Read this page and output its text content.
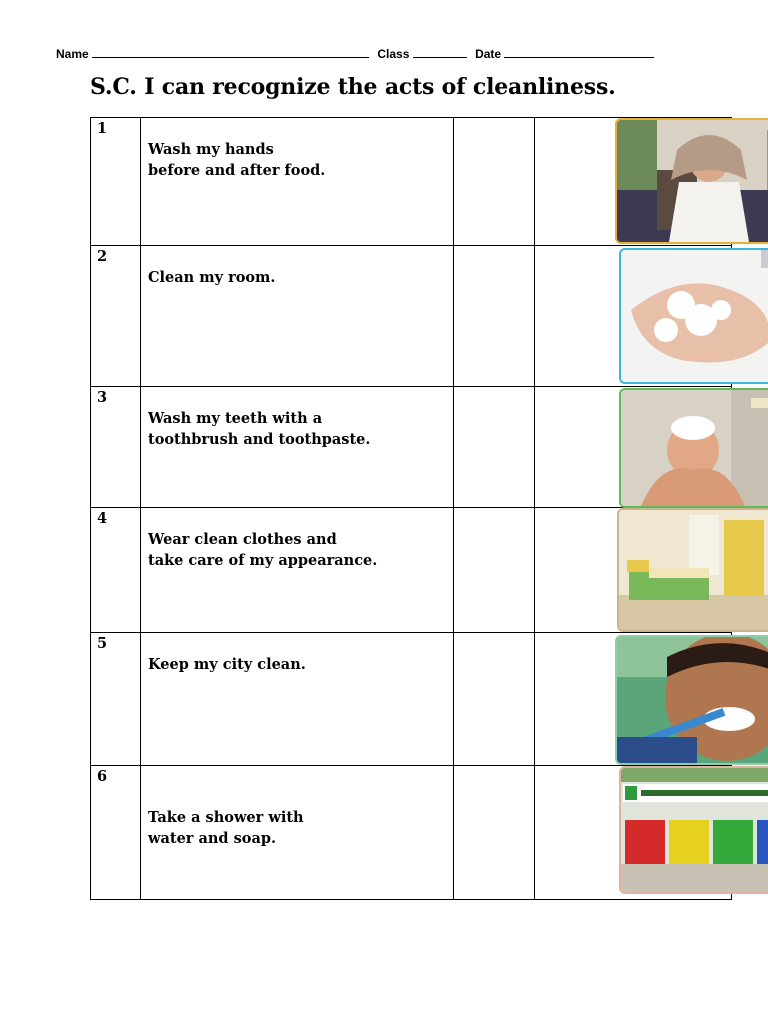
Name	Class	Date
S.C. I can recognize the acts of cleanliness.
1	Wash my hands
before and after food.

2	Clean my room.

3	Wash my teeth with a
toothbrush and toothpaste.

4	Wear clean clothes and
take care of my appearance.

5	Keep my city clean.

6	Take a shower with
water and soap.
